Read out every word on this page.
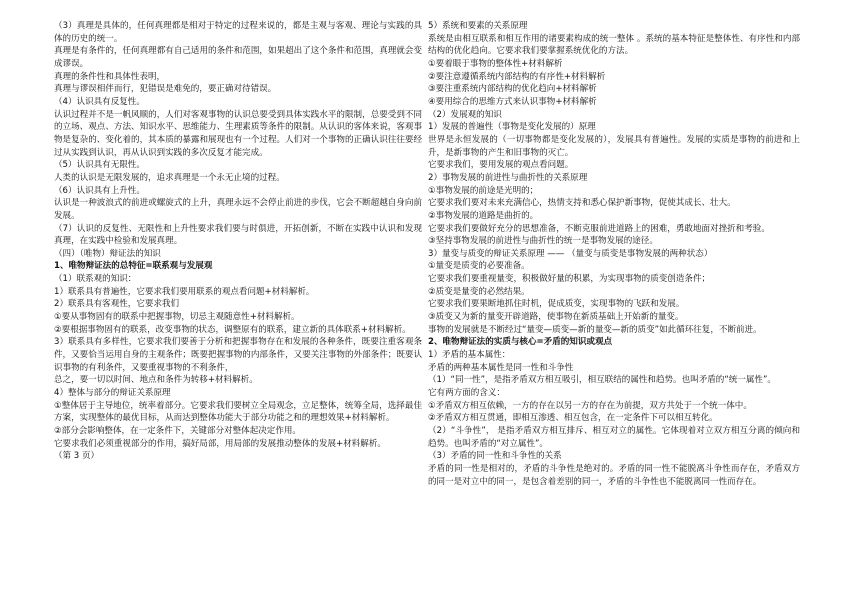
（3）真理是具体的，任何真理都是相对于特定的过程来说的，都是主观与客观、理论与实践的具体的历史的统一。

真理是有条件的，任何真理都有自己适用的条件和范围，如果超出了这个条件和范围，真理就会变成谬误。

真理的条件性和具体性表明，

真理与谬误相伴而行，犯错误是难免的，要正确对待错误。

（4）认识具有反复性。

认识过程并不是一帆风顺的，人们对客观事物的认识总要受到具体实践水平的限制，总要受到不同的立场、观点、方法、知识水平、思维能力、生理素质等条件的限制。从认识的客体来说，客观事物是复杂的、变化着的，其本质的暴露和展现也有一个过程。人们对一个事物的正确认识往往要经过从实践到认识，再从认识到实践的多次反复才能完成。

（5）认识具有无限性。

人类的认识是无限发展的，追求真理是一个永无止境的过程。

（6）认识具有上升性。

认识是一种波浪式的前进或螺旋式的上升，真理永远不会停止前进的步伐，它会不断超越自身向前发展。

（7）认识的反复性、无限性和上升性要求我们要与时俱进，开拓创新，不断在实践中认识和发现真理，在实践中检验和发展真理。

（四）（唯物）辩证法的知识

1、唯物辩证法的总特征=联系观与发展观

（1）联系观的知识：

1）联系具有普遍性，它要求我们要用联系的观点看问题+材料解析。

2）联系具有客观性，它要求我们

①要从事物固有的联系中把握事物，切忌主观随意性+材料解析。

②要根据事物固有的联系，改变事物的状态，调整原有的联系，建立新的具体联系+材料解析。

3）联系具有多样性，它要求我们要善于分析和把握事物存在和发展的各种条件，既要注重客观条件，又要恰当运用自身的主观条件；既要把握事物的内部条件，又要关注事物的外部条件；既要认识事物的有利条件，又要重视事物的不利条件，

总之，要一切以时间、地点和条件为转移+材料解析。

4）整体与部分的辩证关系原理

①整体居于主导地位，统率着部分。它要求我们要树立全局观念，立足整体，统筹全局，选择最佳方案，实现整体的最优目标，从而达到整体功能大于部分功能之和的理想效果+材料解析。

②部分会影响整体，在一定条件下，关键部分对整体起决定作用。

它要求我们必须重视部分的作用，搞好局部，用局部的发展推动整体的发展+材料解析。

（第 3 页）

5）系统和要素的关系原理

系统是由相互联系和相互作用的诸要素构成的统一整体 。系统的基本特征是整体性、有序性和内部结构的优化趋向。它要求我们要掌握系统优化的方法。

①要着眼于事物的整体性+材料解析

②要注意遵循系统内部结构的有序性+材料解析

③要注重系统内部结构的优化趋向+材料解析

④要用综合的思维方式来认识事物+材料解析

（2）发展观的知识

1）发展的普遍性（事物是变化发展的）原理

世界是永恒发展的（一切事物都是变化发展的），发展具有普遍性。发展的实质是事物的前进和上升，是新事物的产生和旧事物的灭亡。

它要求我们，要用发展的观点看问题。

2）事物发展的前进性与曲折性的关系原理

①事物发展的前途是光明的；

它要求我们要对未来充满信心，热情支持和悉心保护新事物，促使其成长、壮大。

②事物发展的道路是曲折的。

它要求我们要做好充分的思想准备，不断克服前进道路上的困难，勇敢地面对挫折和考验。

③坚持事物发展的前进性与曲折性的统一是事物发展的途径。

3）量变与质变的辩证关系原理 —— （量变与质变是事物发展的两种状态）

①量变是质变的必要准备。

它要求我们要重视量变，积极做好量的积累，为实现事物的质变创造条件；

②质变是量变的必然结果。

它要求我们要果断地抓住时机，促成质变，实现事物的飞跃和发展。

③质变又为新的量变开辟道路，使事物在新质基础上开始新的量变。

事物的发展就是不断经过“量变—质变—新的量变—新的质变”如此循环往复，不断前进。

2、唯物辩证法的实质与核心=矛盾的知识或观点

1）矛盾的基本属性：

矛盾的两种基本属性是同一性和斗争性

（1）“同一性”，是指矛盾双方相互吸引，相互联结的属性和趋势。也叫矛盾的“统一属性”。

它有两方面的含义：

①矛盾双方相互依赖，一方的存在以另一方的存在为前提，双方共处于一个统一体中。

②矛盾双方相互贯通，即相互渗透、相互包含，在一定条件下可以相互转化。

（2）“斗争性”， 是指矛盾双方相互排斥、相互对立的属性。它体现着对立双方相互分离的倾向和趋势。也叫矛盾的“对立属性”。

（3）矛盾的同一性和斗争性的关系

矛盾的同一性是相对的，矛盾的斗争性是绝对的。矛盾的同一性不能脱离斗争性而存在，矛盾双方的同一是对立中的同一，是包含着差别的同一，矛盾的斗争性也不能脱离同一性而存在。
